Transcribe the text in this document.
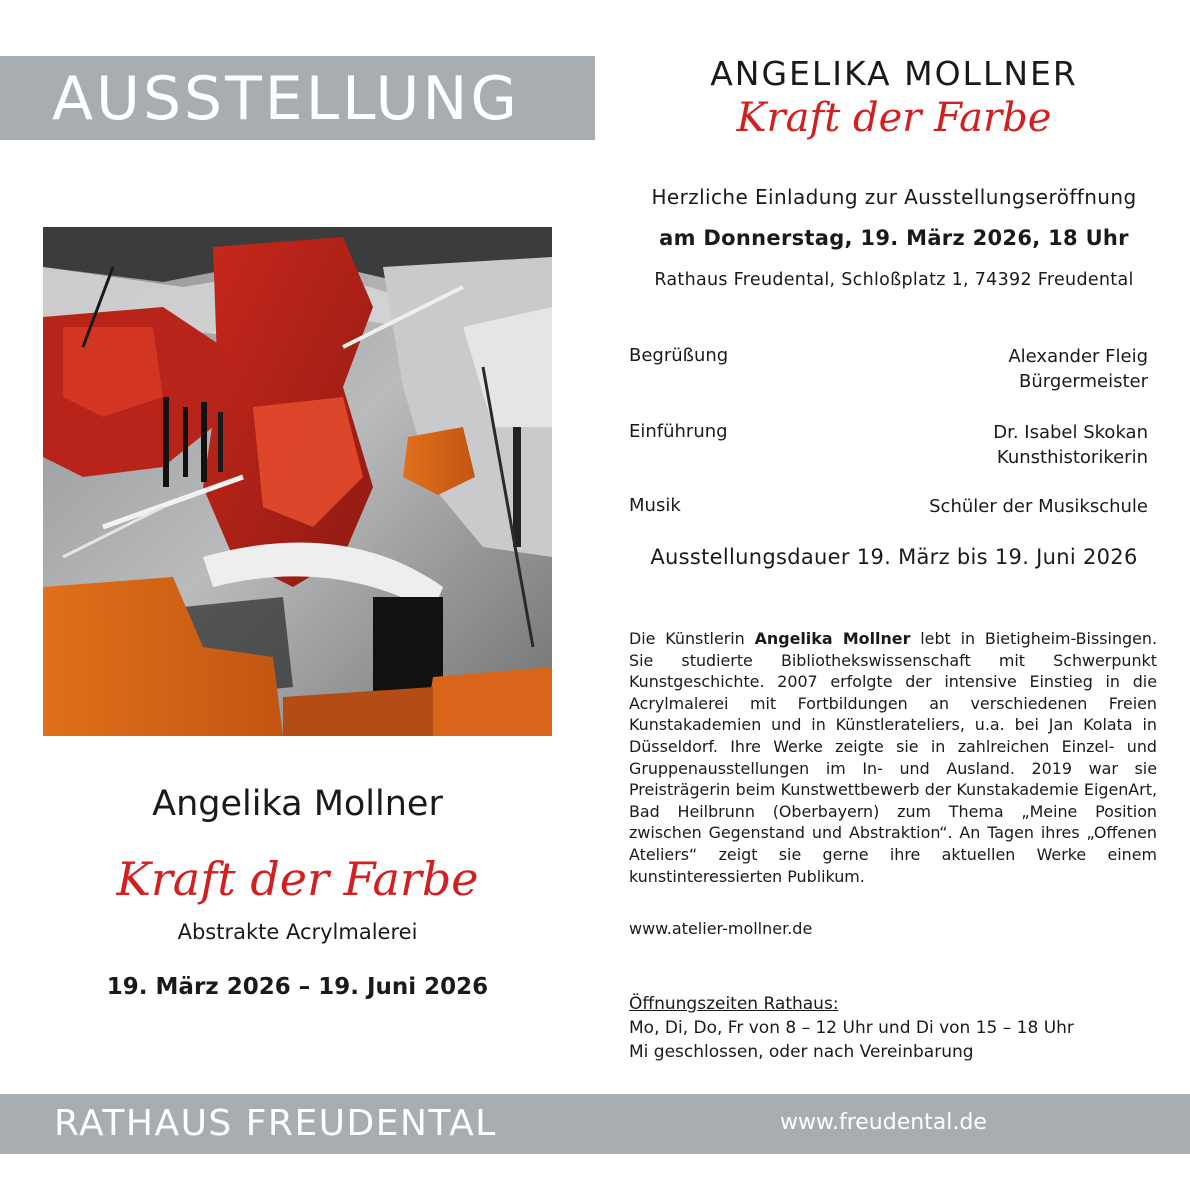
AUSSTELLUNG	ANGELIKA MOLLNER
Kraft der Farbe
Angelika Mollner
Kraft der Farbe
Abstrakte Acrylmalerei
19. März 2026 – 19. Juni 2026
Herzliche Einladung zur Ausstellungseröffnung
am Donnerstag, 19. März 2026, 18 Uhr
Rathaus Freudental, Schloßplatz 1, 74392 Freudental
Begrüßung	Alexander Fleig
Bürgermeister
Einführung	Dr. Isabel Skokan
Kunsthistorikerin
Musik	Schüler der Musikschule
Ausstellungsdauer 19. März bis 19. Juni 2026
Die Künstlerin Angelika Mollner lebt in Bietigheim-Bissingen. Sie studierte Bibliothekswissenschaft mit Schwerpunkt Kunstgeschichte. 2007 erfolgte der intensive Einstieg in die Acrylmalerei mit Fortbildungen an verschiedenen Freien Kunstakademien und in Künstlerateliers, u.a. bei Jan Kolata in Düsseldorf. Ihre Werke zeigte sie in zahlreichen Einzel- und Gruppenausstellungen im In- und Ausland. 2019 war sie Preisträgerin beim Kunstwettbewerb der Kunstakademie EigenArt, Bad Heilbrunn (Oberbayern) zum Thema „Meine Position zwischen Gegenstand und Abstraktion“. An Tagen ihres „Offenen Ateliers“ zeigt sie gerne ihre aktuellen Werke einem kunstinteressierten Publikum.
www.atelier-mollner.de
Öffnungszeiten Rathaus:
Mo, Di, Do, Fr von 8 – 12 Uhr und Di von 15 – 18 Uhr
Mi geschlossen, oder nach Vereinbarung
RATHAUS FREUDENTAL	www.freudental.de
